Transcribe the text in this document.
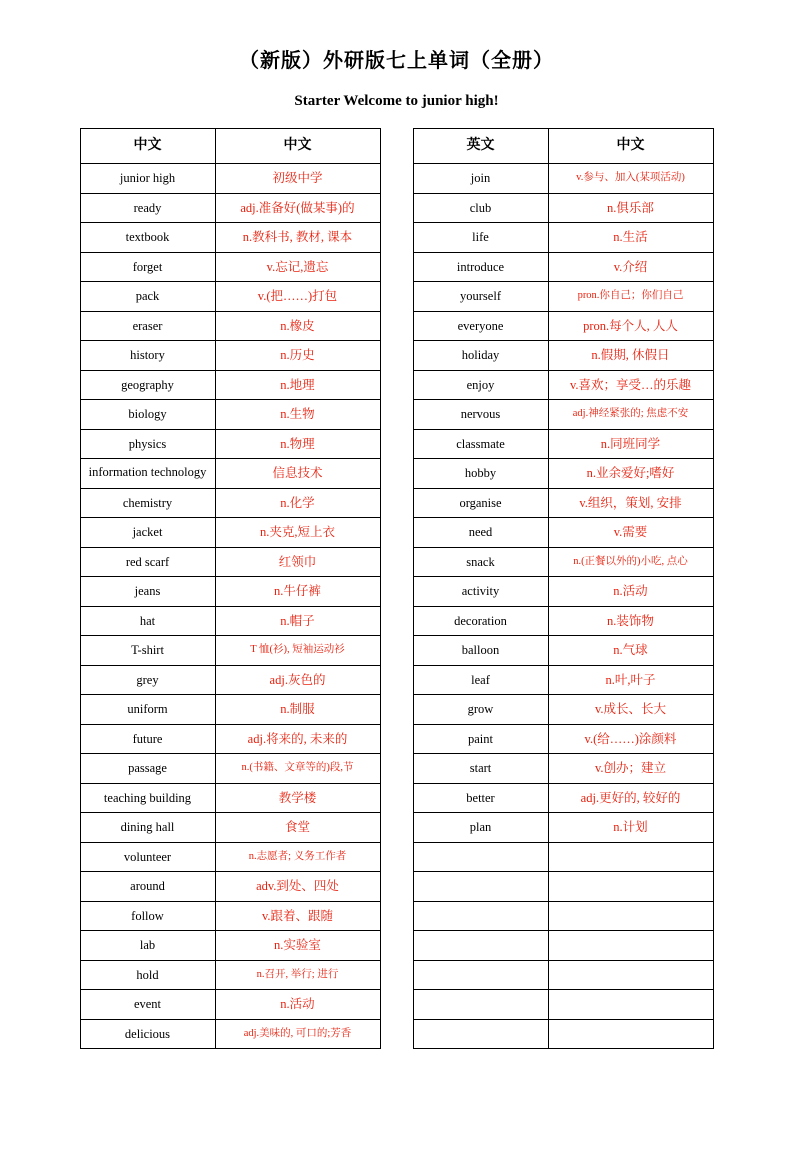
（新版）外研版七上单词（全册）
Starter Welcome to junior high!
中文	中文
junior high	初级中学
ready	adj.准备好(做某事)的
textbook	n.教科书, 教材, 课本
forget	v.忘记,遗忘
pack	v.(把……)打包
eraser	n.橡皮
history	n.历史
geography	n.地理
biology	n.生物
physics	n.物理
information technology	信息技术
chemistry	n.化学
jacket	n.夹克,短上衣
red scarf	红领巾
jeans	n.牛仔裤
hat	n.帽子
T-shirt	T 恤(衫), 短袖运动衫
grey	adj.灰色的
uniform	n.制服
future	adj.将来的, 未来的
passage	n.(书籍、文章等的)段,节
teaching building	教学楼
dining hall	食堂
volunteer	n.志愿者; 义务工作者
around	adv.到处、四处
follow	v.跟着、跟随
lab	n.实验室
hold	n.召开, 举行; 进行
event	n.活动
delicious	adj.美味的, 可口的;芳香
英文	中文
join	v.参与、加入(某项活动)
club	n.俱乐部
life	n.生活
introduce	v.介绍
yourself	pron.你自己；你们自己
everyone	pron.每个人, 人人
holiday	n.假期, 休假日
enjoy	v.喜欢；享受…的乐趣
nervous	adj.神经紧张的; 焦虑不安
classmate	n.同班同学
hobby	n.业余爱好;嗜好
organise	v.组织，策划, 安排
need	v.需要
snack	n.(正餐以外的)小吃, 点心
activity	n.活动
decoration	n.装饰物
balloon	n.气球
leaf	n.叶,叶子
grow	v.成长、长大
paint	v.(给……)涂颜料
start	v.创办；建立
better	adj.更好的, 较好的
plan	n.计划
